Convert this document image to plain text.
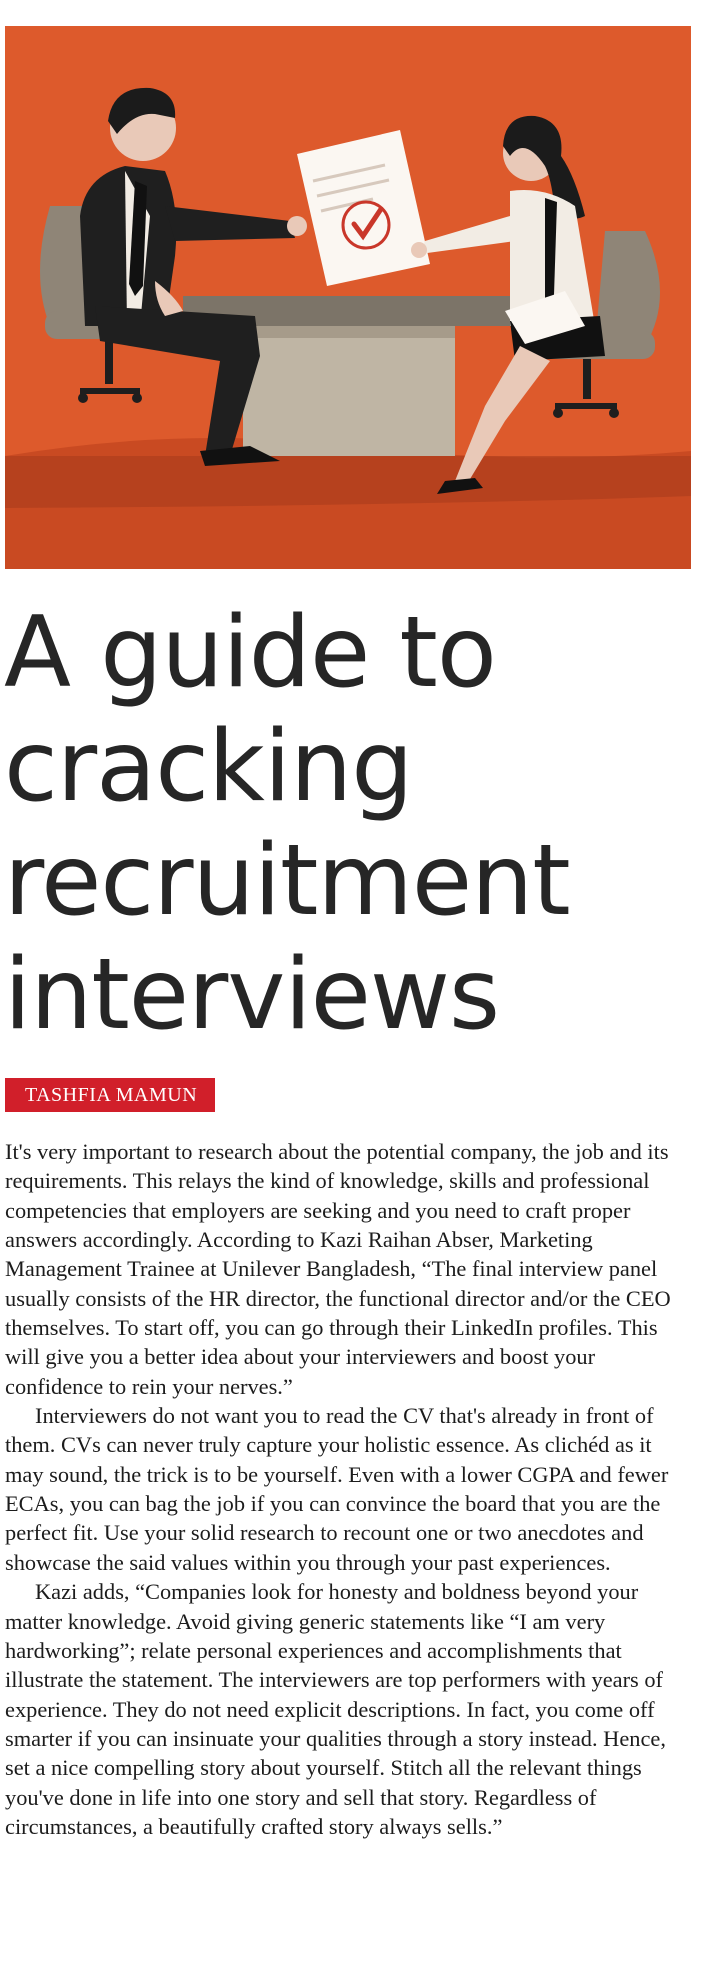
A guide to cracking recruitment interviews
TASHFIA MAMUN

It's very important to research about the potential company, the job and its requirements. This relays the kind of knowledge, skills and professional competencies that employers are seeking and you need to craft proper answers accordingly. According to Kazi Raihan Abser, Marketing Management Trainee at Unilever Bangladesh, “The final interview panel usually consists of the HR director, the functional director and/or the CEO themselves. To start off, you can go through their LinkedIn profiles. This will give you a better idea about your interviewers and boost your confidence to rein your nerves.”

Interviewers do not want you to read the CV that's already in front of them. CVs can never truly capture your holistic essence. As clichéd as it may sound, the trick is to be yourself. Even with a lower CGPA and fewer ECAs, you can bag the job if you can convince the board that you are the perfect fit. Use your solid research to recount one or two anecdotes and showcase the said values within you through your past experiences.

Kazi adds, “Companies look for honesty and boldness beyond your matter knowledge. Avoid giving generic statements like “I am very hardworking”; relate personal experiences and accomplishments that illustrate the statement. The interviewers are top performers with years of experience. They do not need explicit descriptions. In fact, you come off smarter if you can insinuate your qualities through a story instead. Hence, set a nice compelling story about yourself. Stitch all the relevant things you've done in life into one story and sell that story. Regardless of circumstances, a beautifully crafted story always sells.”
